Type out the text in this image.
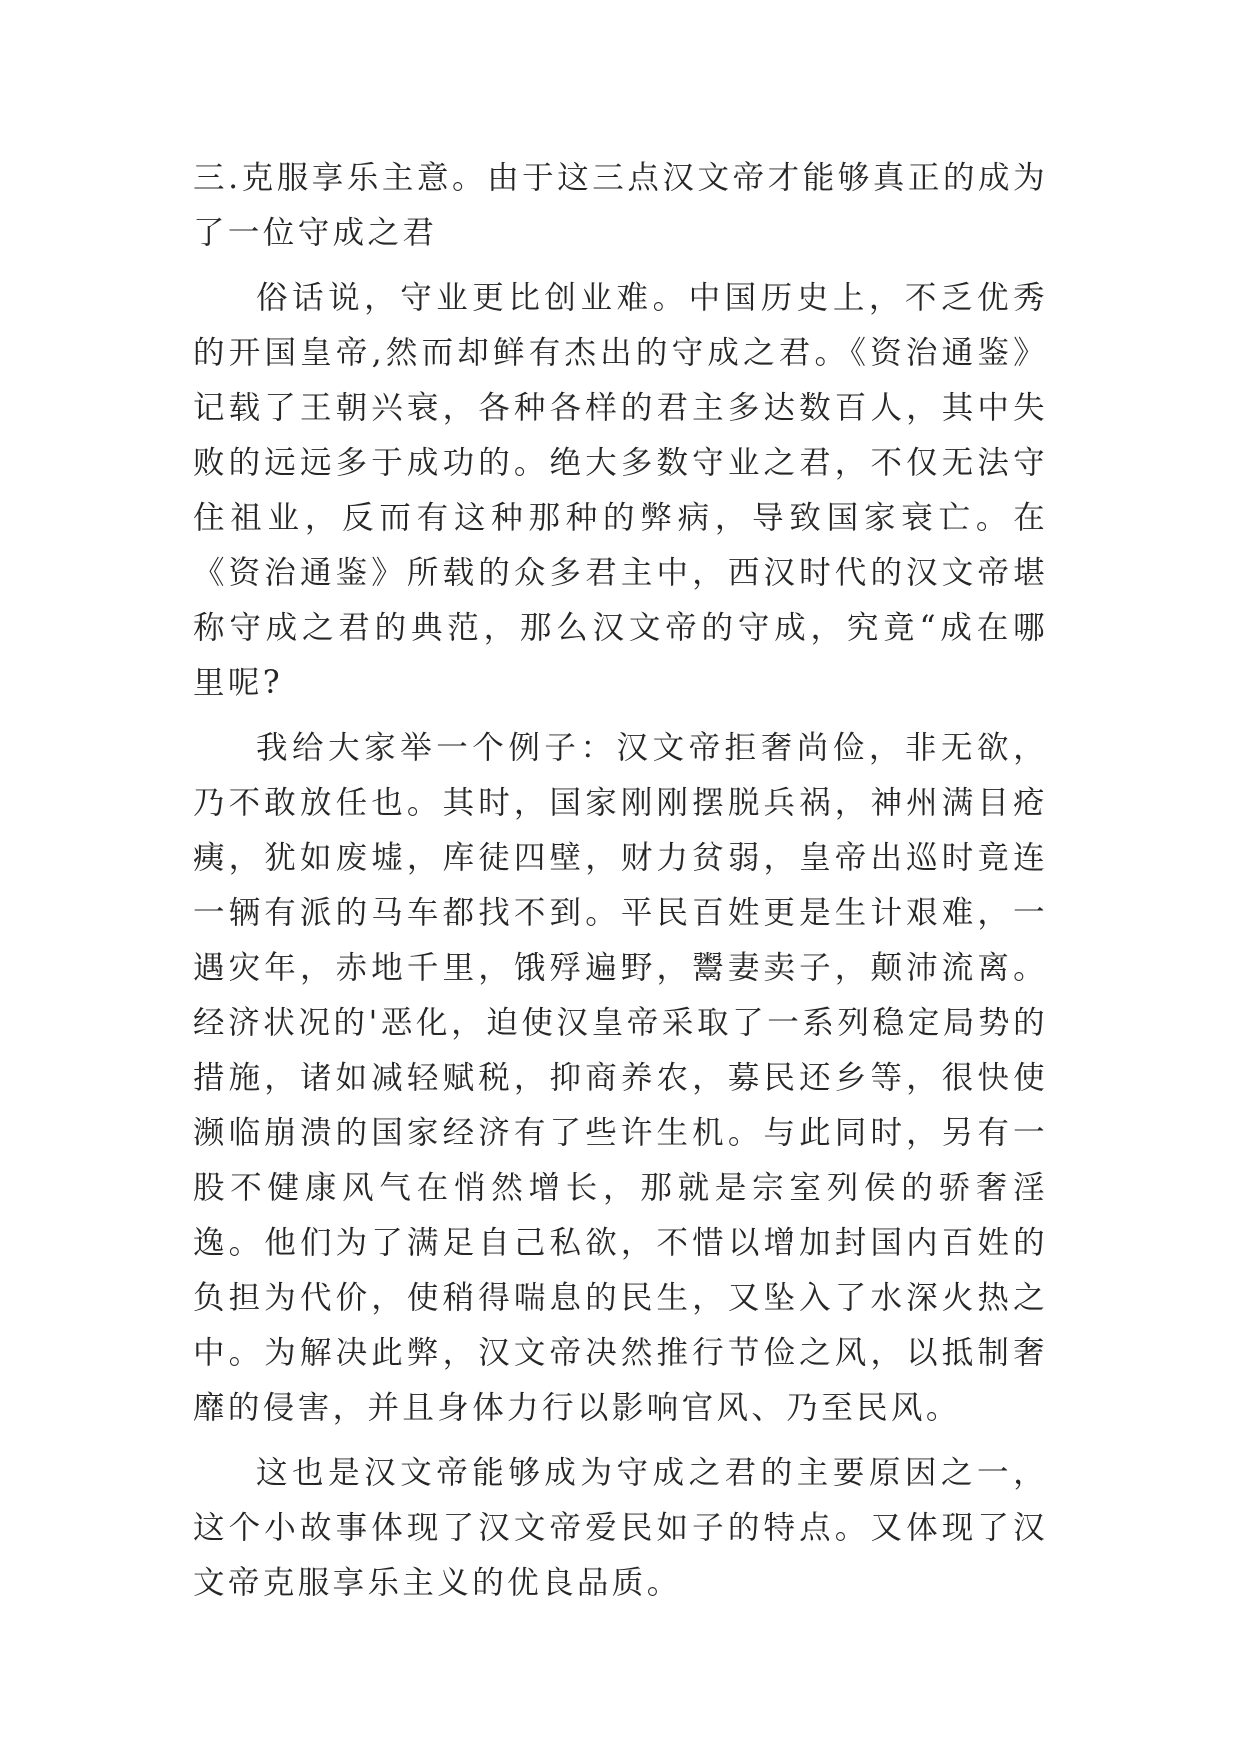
三.克服享乐主意。由于这三点汉文帝才能够真正的成为了一位守成之君

俗话说，守业更比创业难。中国历史上，不乏优秀的开国皇帝,然而却鲜有杰出的守成之君。《资治通鉴》记载了王朝兴衰，各种各样的君主多达数百人，其中失败的远远多于成功的。绝大多数守业之君，不仅无法守住祖业，反而有这种那种的弊病，导致国家衰亡。在《资治通鉴》所载的众多君主中，西汉时代的汉文帝堪称守成之君的典范，那么汉文帝的守成，究竟“成在哪里呢?

我给大家举一个例子：汉文帝拒奢尚俭，非无欲，乃不敢放任也。其时，国家刚刚摆脱兵祸，神州满目疮痍，犹如废墟，库徒四壁，财力贫弱，皇帝出巡时竟连一辆有派的马车都找不到。平民百姓更是生计艰难，一遇灾年，赤地千里，饿殍遍野，鬻妻卖子，颠沛流离。 经济状况的'恶化，迫使汉皇帝采取了一系列稳定局势的措施，诸如减轻赋税，抑商养农，募民还乡等，很快使濒临崩溃的国家经济有了些许生机。与此同时，另有一股不健康风气在悄然增长，那就是宗室列侯的骄奢淫逸。他们为了满足自己私欲，不惜以增加封国内百姓的负担为代价，使稍得喘息的民生，又坠入了水深火热之中。为解决此弊，汉文帝决然推行节俭之风，以抵制奢靡的侵害，并且身体力行以影响官风、乃至民风。

这也是汉文帝能够成为守成之君的主要原因之一，这个小故事体现了汉文帝爱民如子的特点。又体现了汉文帝克服享乐主义的优良品质。
